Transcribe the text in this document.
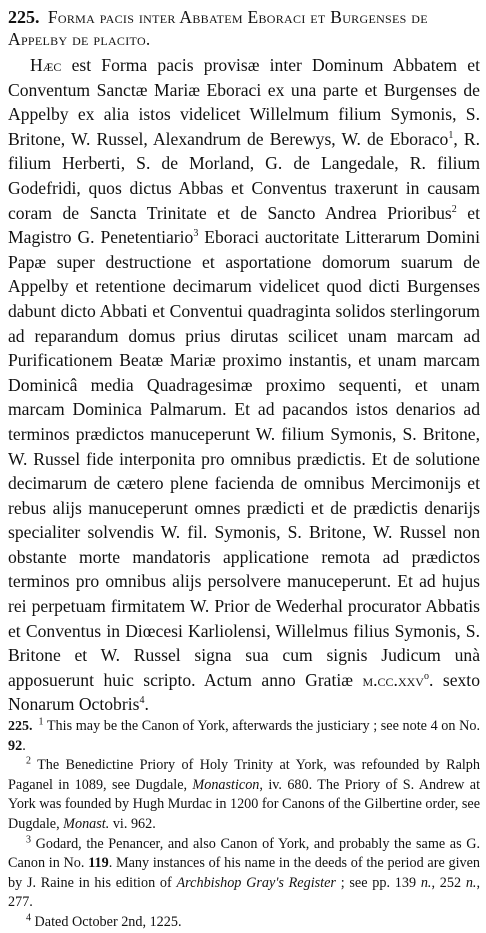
225. Forma pacis inter Abbatem Eboraci et Burgenses de Appelby de placito.

Hæc est Forma pacis provisæ inter Dominum Abbatem et Conventum Sanctæ Mariæ Eboraci ex una parte et Burgenses de Appelby ex alia istos videlicet Willelmum filium Symonis, S. Britone, W. Russel, Alexandrum de Berewys, W. de Eboraco$^1$, R. filium Herberti, S. de Morland, G. de Langedale, R. filium Godefridi, quos dictus Abbas et Conventus traxerunt in causam coram de Sancta Trinitate et de Sancto Andrea Prioribus$^2$ et Magistro G. Penetentiario$^3$ Eboraci auctoritate Litterarum Domini Papæ super destructione et asportatione domorum suarum de Appelby et retentione decimarum videlicet quod dicti Burgenses dabunt dicto Abbati et Conventui quadraginta solidos sterlingorum ad reparandum domus prius dirutas scilicet unam marcam ad Purificationem Beatæ Mariæ proximo instantis, et unam marcam Dominicâ media Quadragesimæ proximo sequenti, et unam marcam Dominica Palmarum. Et ad pacandos istos denarios ad terminos prædictos manuceperunt W. filium Symonis, S. Britone, W. Russel fide interponita pro omnibus prædictis. Et de solutione decimarum de cætero plene facienda de omnibus Mercimonijs et rebus alijs manuceperunt omnes prædicti et de prædictis denarijs specialiter solvendis W. fil. Symonis, S. Britone, W. Russel non obstante morte mandatoris applicatione remota ad prædictos terminos pro omnibus alijs persolvere manuceperunt. Et ad hujus rei perpetuam firmitatem W. Prior de Wederhal procurator Abbatis et Conventus in Diœcesi Karliolensi, Willelmus filius Symonis, S. Britone et W. Russel signa sua cum signis Judicum unà apposuerunt huic scripto. Actum anno Gratiæ m.cc.xxv$^o$. sexto Nonarum Octobris$^4$.

225. $^1$ This may be the Canon of York, afterwards the justiciary ; see note 4 on No. 92.

$^2$ The Benedictine Priory of Holy Trinity at York, was refounded by Ralph Paganel in 1089, see Dugdale, Monasticon, iv. 680. The Priory of S. Andrew at York was founded by Hugh Murdac in 1200 for Canons of the Gilbertine order, see Dugdale, Monast. vi. 962.

$^3$ Godard, the Penancer, and also Canon of York, and probably the same as G. Canon in No. 119. Many instances of his name in the deeds of the period are given by J. Raine in his edition of Archbishop Gray's Register ; see pp. 139 n., 252 n., 277.

$^4$ Dated October 2nd, 1225.
